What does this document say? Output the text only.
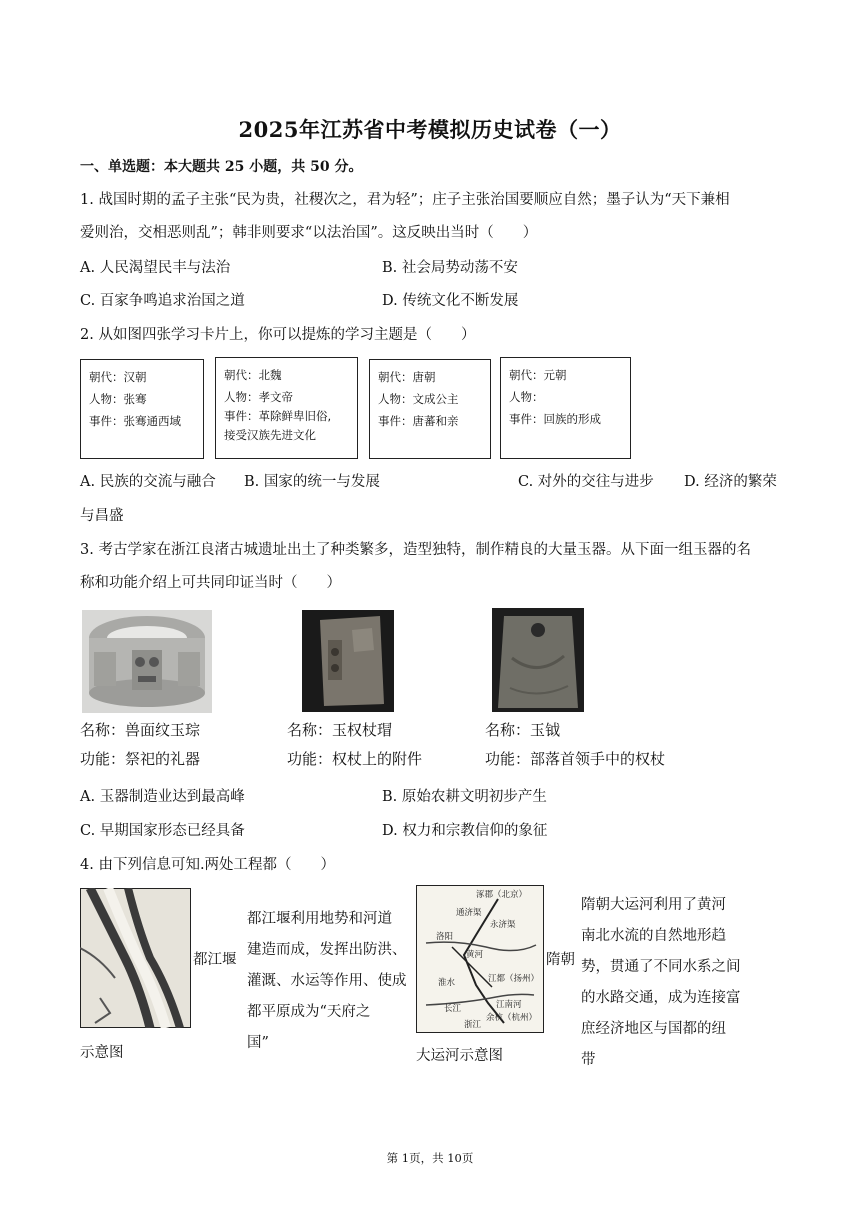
2025年江苏省中考模拟历史试卷（一）
一、单选题：本大题共 25 小题，共 50 分。
1. 战国时期的孟子主张“民为贵，社稷次之，君为轻”；庄子主张治国要顺应自然；墨子认为“天下兼相
爱则治，交相恶则乱”；韩非则要求“以法治国”。这反映出当时（　　）
A. 人民渴望民丰与法治	B. 社会局势动荡不安
C. 百家争鸣追求治国之道	D. 传统文化不断发展
2. 从如图四张学习卡片上，你可以提炼的学习主题是（　　）
朝代：汉朝
人物：张骞
事件：张骞通西域
朝代：北魏
人物：孝文帝
事件：革除鲜卑旧俗,
接受汉族先进文化
朝代：唐朝
人物：文成公主
事件：唐蕃和亲
朝代：元朝
人物：
事件：回族的形成
A. 民族的交流与融合 B. 国家的统一与发展	C. 对外的交往与进步 D. 经济的繁荣
与昌盛
3. 考古学家在浙江良渚古城遗址出土了种类繁多，造型独特，制作精良的大量玉器。从下面一组玉器的名
称和功能介绍上可共同印证当时（　　）
名称：兽面纹玉琮
功能：祭祀的礼器
名称：玉权杖瑁
功能：权杖上的附件
名称：玉钺
功能：部落首领手中的权杖
A. 玉器制造业达到最高峰	B. 原始农耕文明初步产生
C. 早期国家形态已经具备	D. 权力和宗教信仰的象征
4. 由下列信息可知.两处工程都（　　）
都江堰
示意图
都江堰利用地势和河道
建造而成，发挥出防洪、
灌溉、水运等作用、使成
都平原成为“天府之
国”
涿郡（北京）
通济渠
洛阳
黄河
永济渠
江都（扬州）
淮水
长江	江南河
余杭（杭州）
浙江
隋朝
大运河示意图
隋朝大运河利用了黄河
南北水流的自然地形趋
势，贯通了不同水系之间
的水路交通，成为连接富
庶经济地区与国都的纽
带
第 1页，共 10页
